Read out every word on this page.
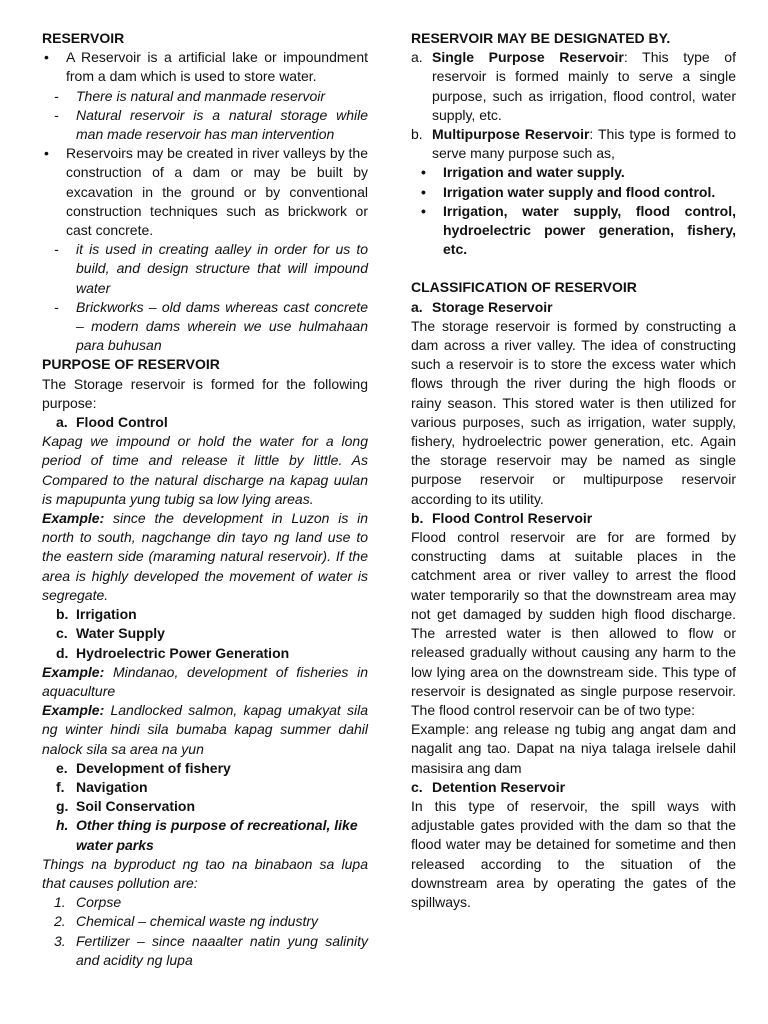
RESERVOIR

•	A Reservoir is a artificial lake or impoundment from a dam which is used to store water.
-	There is natural and manmade reservoir
-	Natural reservoir is a natural storage while man made reservoir has man intervention
•	Reservoirs may be created in river valleys by the construction of a dam or may be built by excavation in the ground or by conventional construction techniques such as brickwork or cast concrete.
-	it is used in creating aalley in order for us to build, and design structure that will impound water
-	Brickworks – old dams whereas cast concrete – modern dams wherein we use hulmahaan para buhusan

PURPOSE OF RESERVOIR

The Storage reservoir is formed for the following purpose:

a. Flood Control

Kapag we impound or hold the water for a long period of time and release it little by little. As Compared to the natural discharge na kapag uulan is mapupunta yung tubig sa low lying areas.

Example: since the development in Luzon is in north to south, nagchange din tayo ng land use to the eastern side (maraming natural reservoir). If the area is highly developed the movement of water is segregate.

b. Irrigation
c. Water Supply
d. Hydroelectric Power Generation

Example: Mindanao, development of fisheries in aquaculture

Example: Landlocked salmon, kapag umakyat sila ng winter hindi sila bumaba kapag summer dahil nalock sila sa area na yun

e. Development of fishery
f. Navigation
g. Soil Conservation
h. Other thing is purpose of recreational, like water parks

Things na byproduct ng tao na binabaon sa lupa that causes pollution are:

1. Corpse
2. Chemical – chemical waste ng industry
3. Fertilizer – since naaalter natin yung salinity and acidity ng lupa

RESERVOIR MAY BE DESIGNATED BY.

a. Single Purpose Reservoir: This type of reservoir is formed mainly to serve a single purpose, such as irrigation, flood control, water supply, etc.
b. Multipurpose Reservoir: This type is formed to serve many purpose such as,
•	Irrigation and water supply.
•	Irrigation water supply and flood control.
•	Irrigation, water supply, flood control, hydroelectric power generation, fishery, etc.

CLASSIFICATION OF RESERVOIR

a. Storage Reservoir

The storage reservoir is formed by constructing a dam across a river valley. The idea of constructing such a reservoir is to store the excess water which flows through the river during the high floods or rainy season. This stored water is then utilized for various purposes, such as irrigation, water supply, fishery, hydroelectric power generation, etc. Again the storage reservoir may be named as single purpose reservoir or multipurpose reservoir according to its utility.

b. Flood Control Reservoir

Flood control reservoir are for are formed by constructing dams at suitable places in the catchment area or river valley to arrest the flood water temporarily so that the downstream area may not get damaged by sudden high flood discharge. The arrested water is then allowed to flow or released gradually without causing any harm to the low lying area on the downstream side. This type of reservoir is designated as single purpose reservoir. The flood control reservoir can be of two type:

Example: ang release ng tubig ang angat dam and nagalit ang tao. Dapat na niya talaga irelsele dahil masisira ang dam

c. Detention Reservoir

In this type of reservoir, the spill ways with adjustable gates provided with the dam so that the flood water may be detained for sometime and then released according to the situation of the downstream area by operating the gates of the spillways.
